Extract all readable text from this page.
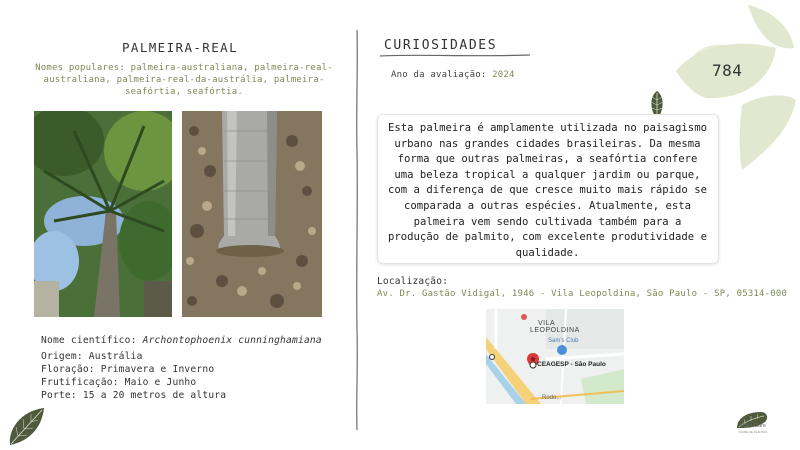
PALMEIRA-REAL
Nomes populares: palmeira-australiana, palmeira-real-australiana, palmeira-real-da-austrália, palmeira-seafórtia, seafórtia.
Nome científico: Archontophoenix cunninghamiana
Origem: Austrália
Floração: Primavera e Inverno
Frutificação: Maio e Junho
Porte: 15 a 20 metros de altura
CURIOSIDADES
Ano da avaliação: 2024	784
Esta palmeira é amplamente utilizada no paisagismo urbano nas grandes cidades brasileiras. Da mesma forma que outras palmeiras, a seafórtia confere uma beleza tropical a qualquer jardim ou parque, com a diferença de que cresce muito mais rápido se comparada a outras espécies. Atualmente, esta palmeira vem sendo cultivada também para a produção de palmito, com excelente produtividade e qualidade.
Localização:
Av. Dr. Gastão Vidigal, 1946 - Vila Leopoldina, São Paulo - SP, 05314-000
VILA
LEOPOLDINA
Sam's Club
CEAGESP - São Paulo
Rodo...
Plant Care
CUIDE DE PLANTAS
